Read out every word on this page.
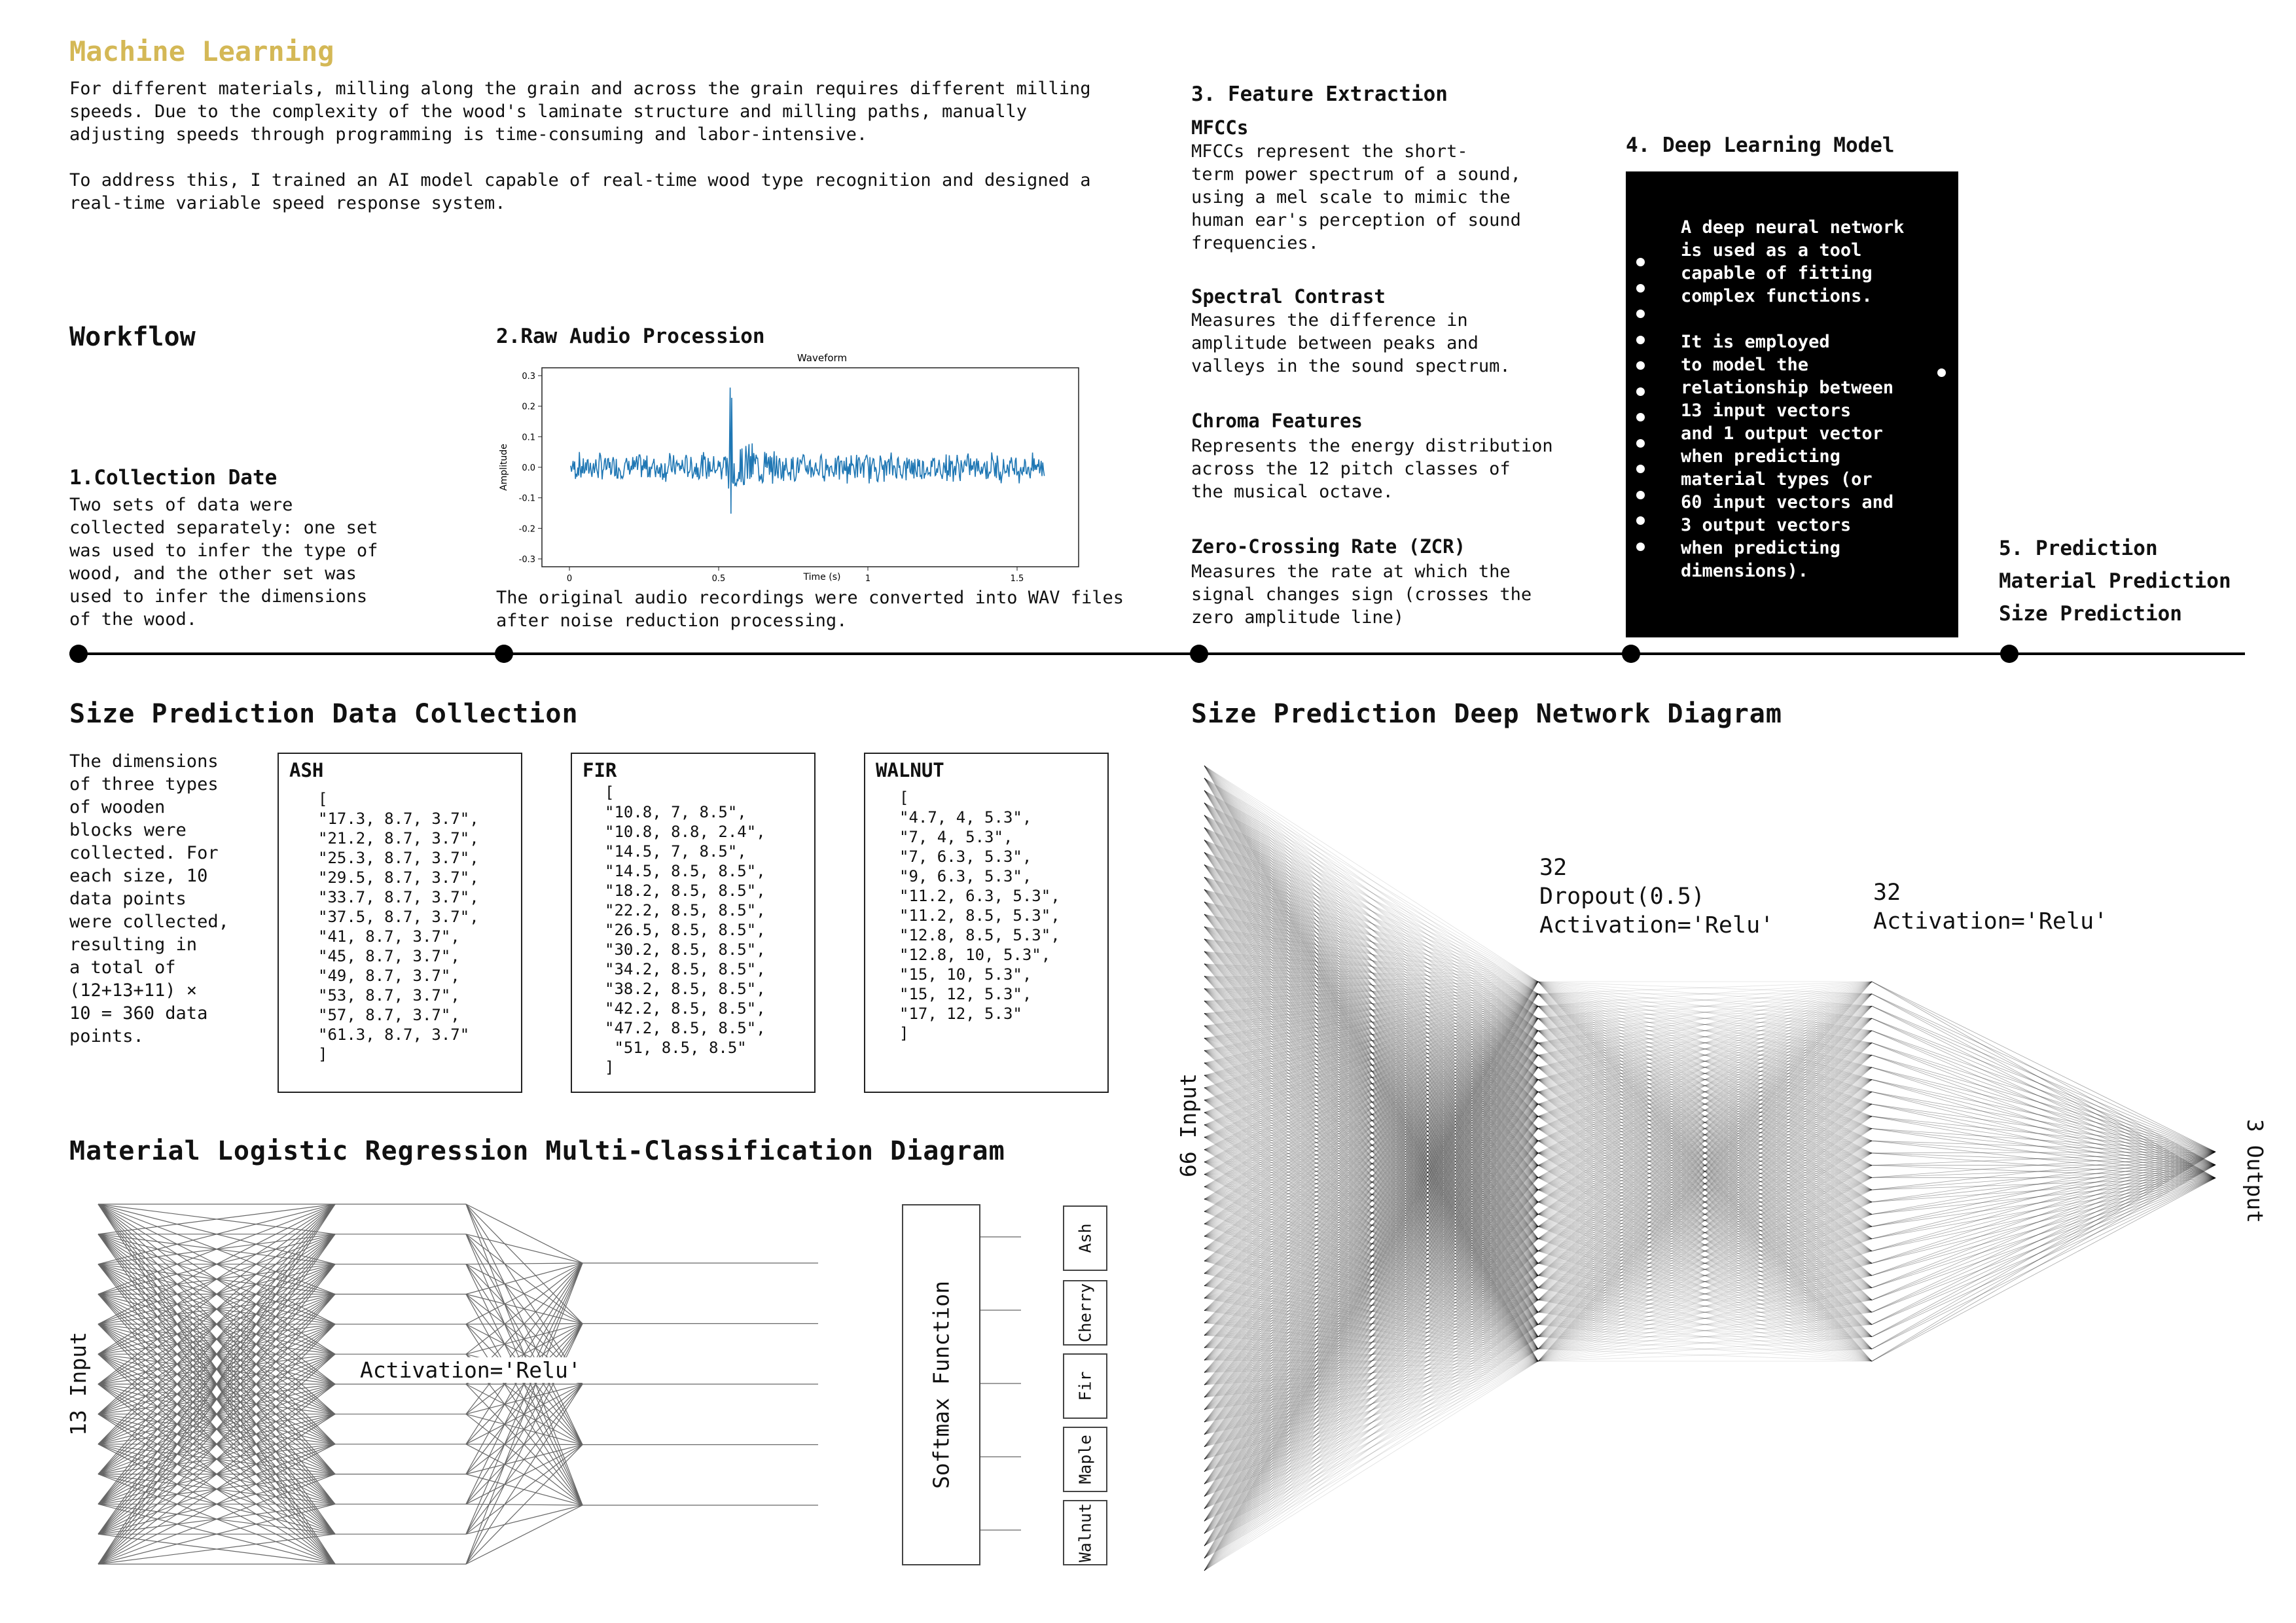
Machine Learning
For different materials, milling along the grain and across the grain requires different milling
speeds. Due to the complexity of the wood's laminate structure and milling paths, manually
adjusting speeds through programming is time-consuming and labor-intensive.
To address this, I trained an AI model capable of real-time wood type recognition and designed a
real-time variable speed response system.
Workflow
1.Collection Date
Two sets of data were
collected separately: one set
was used to infer the type of
wood, and the other set was
used to infer the dimensions
of the wood.
2.Raw Audio Procession
Waveform
0.3
0.2
0.1
0.0
-0.1
-0.2
-0.3
0	0.5	1	1.5
Time (s)
Amplitude
The original audio recordings were converted into WAV files
after noise reduction processing.
3. Feature Extraction
MFCCs
MFCCs represent the short-
term power spectrum of a sound,
using a mel scale to mimic the
human ear's perception of sound
frequencies.
Spectral Contrast
Measures the difference in
amplitude between peaks and
valleys in the sound spectrum.
Chroma Features
Represents the energy distribution
across the 12 pitch classes of
the musical octave.
Zero-Crossing Rate (ZCR)
Measures the rate at which the
signal changes sign (crosses the
zero amplitude line)
4. Deep Learning Model
A deep neural network
is used as a tool
capable of fitting
complex functions.

It is employed
to model the
relationship between
13 input vectors
and 1 output vector
when predicting
material types (or
60 input vectors and
3 output vectors
when predicting
dimensions).
5. Prediction
Material Prediction
Size Prediction
Size Prediction Data Collection
The dimensions
of three types
of wooden
blocks were
collected. For
each size, 10
data points
were collected,
resulting in
a total of
(12+13+11) ×
10 = 360 data
points.
ASH
[
"17.3, 8.7, 3.7",
"21.2, 8.7, 3.7",
"25.3, 8.7, 3.7",
"29.5, 8.7, 3.7",
"33.7, 8.7, 3.7",
"37.5, 8.7, 3.7",
"41, 8.7, 3.7",
"45, 8.7, 3.7",
"49, 8.7, 3.7",
"53, 8.7, 3.7",
"57, 8.7, 3.7",
"61.3, 8.7, 3.7"
]
FIR
[
"10.8, 7, 8.5",
"10.8, 8.8, 2.4",
"14.5, 7, 8.5",
"14.5, 8.5, 8.5",
"18.2, 8.5, 8.5",
"22.2, 8.5, 8.5",
"26.5, 8.5, 8.5",
"30.2, 8.5, 8.5",
"34.2, 8.5, 8.5",
"38.2, 8.5, 8.5",
"42.2, 8.5, 8.5",
"47.2, 8.5, 8.5",
"51, 8.5, 8.5"
]
WALNUT
[
"4.7, 4, 5.3",
"7, 4, 5.3",
"7, 6.3, 5.3",
"9, 6.3, 5.3",
"11.2, 6.3, 5.3",
"11.2, 8.5, 5.3",
"12.8, 8.5, 5.3",
"12.8, 10, 5.3",
"15, 10, 5.3",
"15, 12, 5.3",
"17, 12, 5.3"
]
Material Logistic Regression Multi-Classification Diagram
13 Input	Activation='Relu'	Softmax Function
Ash
Cherry
Fir
Maple
Walnut
Size Prediction Deep Network Diagram
66 Input	3 Output
32
Dropout(0.5)
Activation='Relu'
32
Activation='Relu'
